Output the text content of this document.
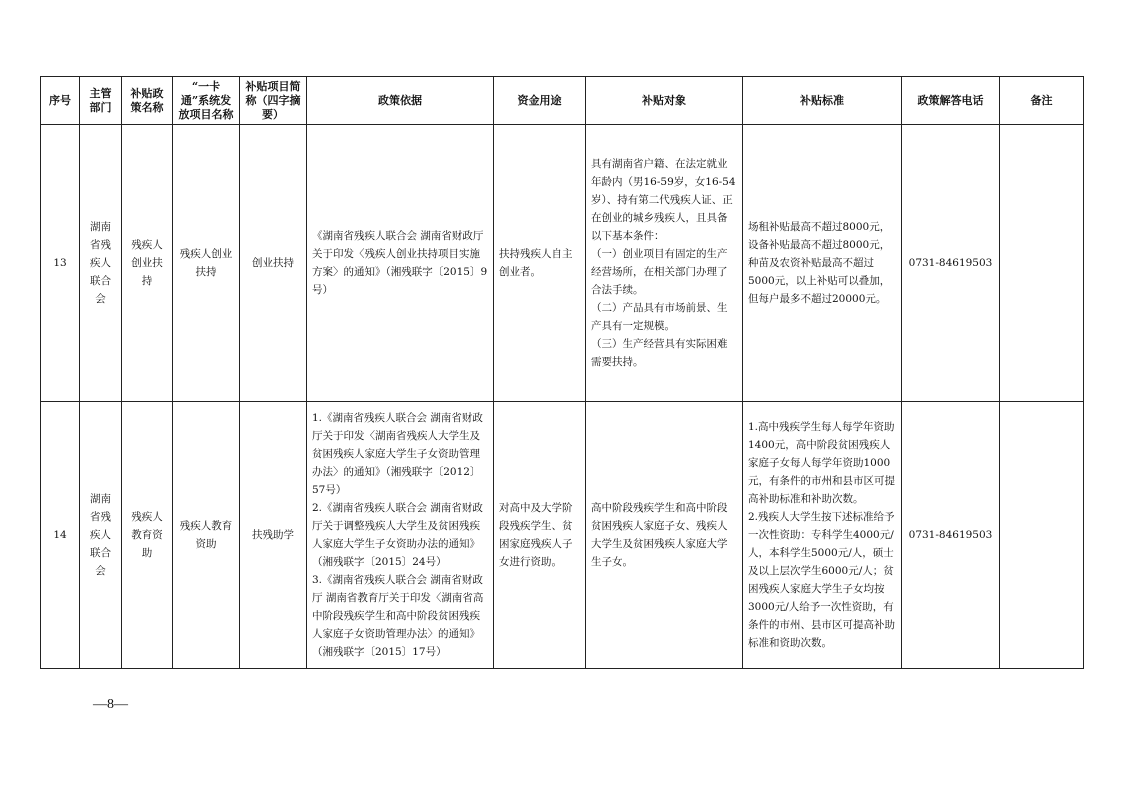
序号	主管部门	补贴政策名称	“一卡通”系统发放项目名称	补贴项目简称（四字摘要）	政策依据	资金用途	补贴对象	补贴标准	政策解答电话	备注
13	湖南省残疾人联合会	残疾人创业扶持	残疾人创业扶持	创业扶持	《湖南省残疾人联合会 湖南省财政厅关于印发〈残疾人创业扶持项目实施方案〉的通知》（湘残联字〔2015〕9号）	扶持残疾人自主创业者。	具有湖南省户籍、在法定就业年龄内（男16-59岁，女16-54岁）、持有第二代残疾人证、正在创业的城乡残疾人，且具备以下基本条件：
（一）创业项目有固定的生产经营场所，在相关部门办理了合法手续。
（二）产品具有市场前景、生产具有一定规模。
（三）生产经营具有实际困难需要扶持。	场租补贴最高不超过8000元，设备补贴最高不超过8000元，种苗及农资补贴最高不超过5000元，以上补贴可以叠加，但每户最多不超过20000元。	0731-84619503	
14	湖南省残疾人联合会	残疾人教育资助	残疾人教育资助	扶残助学	1.《湖南省残疾人联合会 湖南省财政厅关于印发〈湖南省残疾人大学生及贫困残疾人家庭大学生子女资助管理办法〉的通知》（湘残联字〔2012〕57号）
2.《湖南省残疾人联合会 湖南省财政厅关于调整残疾人大学生及贫困残疾人家庭大学生子女资助办法的通知》（湘残联字〔2015〕24号）
3.《湖南省残疾人联合会 湖南省财政厅 湖南省教育厅关于印发〈湖南省高中阶段残疾学生和高中阶段贫困残疾人家庭子女资助管理办法〉的通知》（湘残联字〔2015〕17号）	对高中及大学阶段残疾学生、贫困家庭残疾人子女进行资助。	高中阶段残疾学生和高中阶段贫困残疾人家庭子女、残疾人大学生及贫困残疾人家庭大学生子女。	1.高中残疾学生每人每学年资助1400元，高中阶段贫困残疾人家庭子女每人每学年资助1000元，有条件的市州和县市区可提高补助标准和补助次数。
2.残疾人大学生按下述标准给予一次性资助：专科学生4000元/人，本科学生5000元/人，硕士及以上层次学生6000元/人；贫困残疾人家庭大学生子女均按3000元/人给予一次性资助，有条件的市州、县市区可提高补助标准和资助次数。	0731-84619503	
—8—
